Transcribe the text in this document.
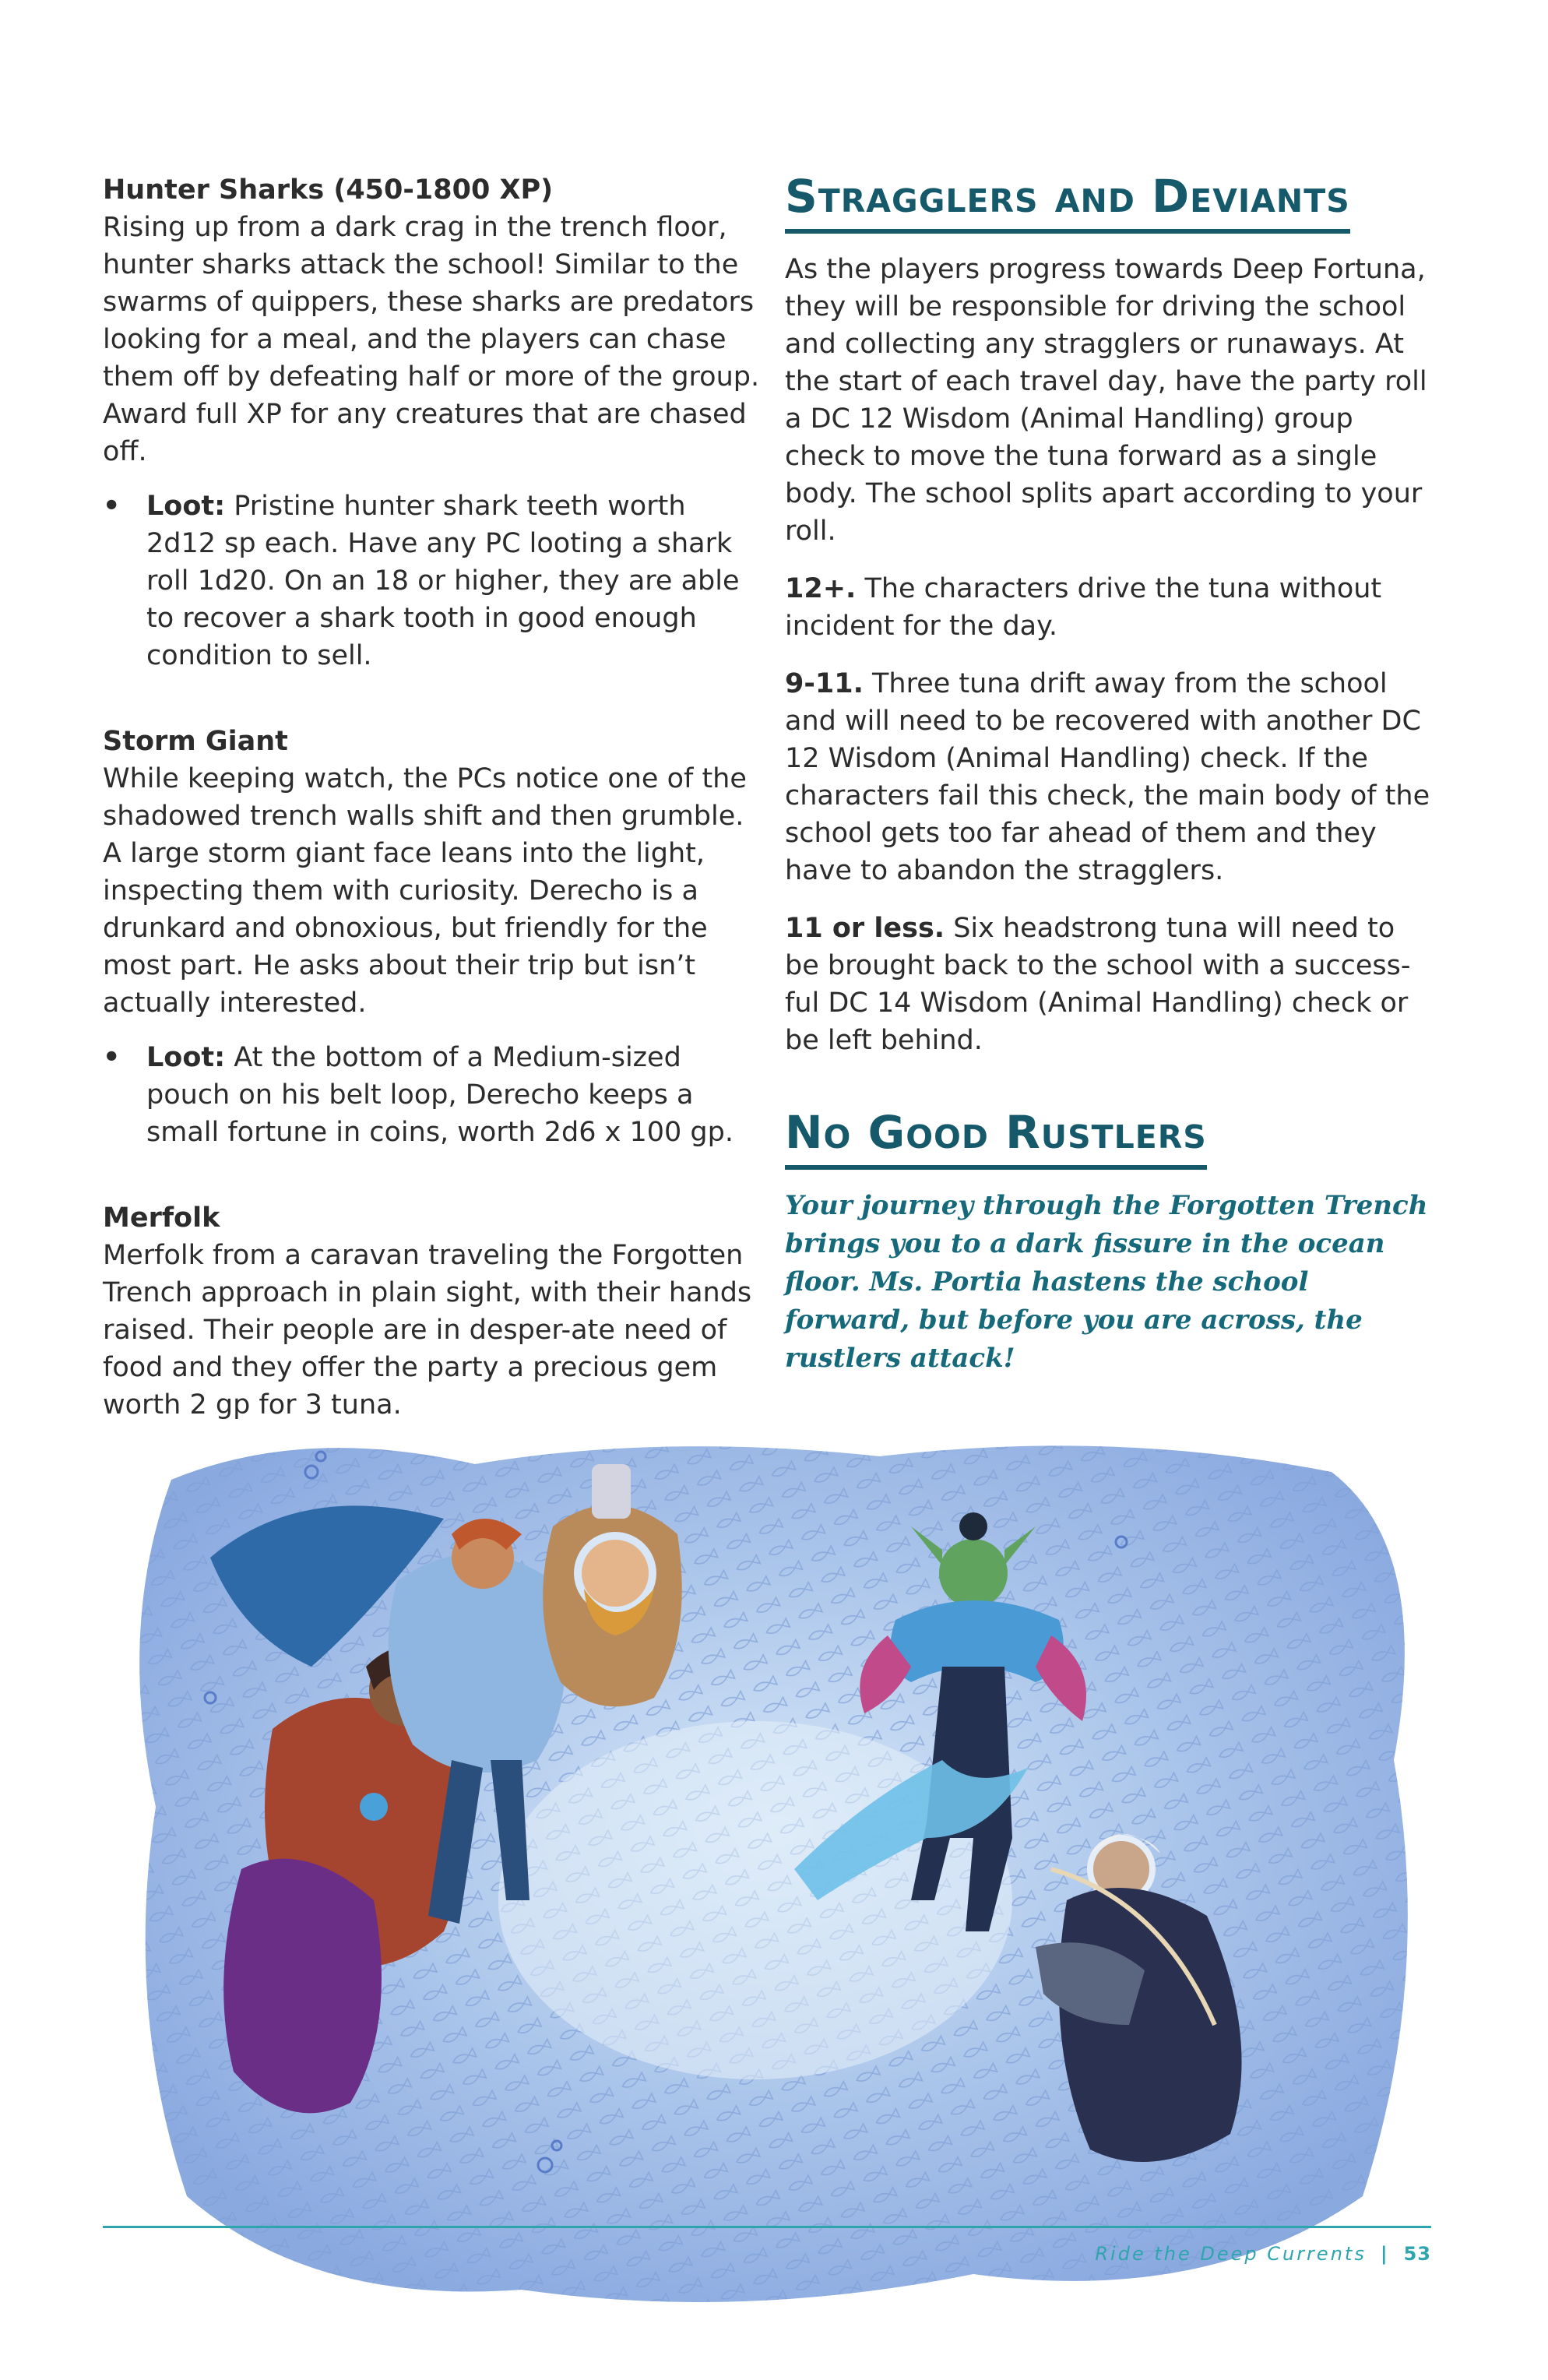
Hunter Sharks (450-1800 XP)

Rising up from a dark crag in the trench floor, hunter sharks attack the school! Similar to the swarms of quippers, these sharks are predators looking for a meal, and the players can chase them off by defeating half or more of the group. Award full XP for any creatures that are chased off.

• Loot: Pristine hunter shark teeth worth 2d12 sp each. Have any PC looting a shark roll 1d20. On an 18 or higher, they are able to recover a shark tooth in good enough condition to sell.

Storm Giant

While keeping watch, the PCs notice one of the shadowed trench walls shift and then grumble. A large storm giant face leans into the light, inspecting them with curiosity. Derecho is a drunkard and obnoxious, but friendly for the most part. He asks about their trip but isn’t actually interested.

• Loot: At the bottom of a Medium-sized pouch on his belt loop, Derecho keeps a small fortune in coins, worth 2d6 x 100 gp.

Merfolk

Merfolk from a caravan traveling the Forgotten Trench approach in plain sight, with their hands raised. Their people are in desper-ate need of food and they offer the party a precious gem worth 2 gp for 3 tuna.

Stragglers and Deviants

As the players progress towards Deep Fortuna, they will be responsible for driving the school and collecting any stragglers or runaways. At the start of each travel day, have the party roll a DC 12 Wisdom (Animal Handling) group check to move the tuna forward as a single body. The school splits apart according to your roll.

12+. The characters drive the tuna without incident for the day.

9-11. Three tuna drift away from the school and will need to be recovered with another DC 12 Wisdom (Animal Handling) check. If the characters fail this check, the main body of the school gets too far ahead of them and they have to abandon the stragglers.

11 or less. Six headstrong tuna will need to be brought back to the school with a success-ful DC 14 Wisdom (Animal Handling) check or be left behind.

No Good Rustlers

Your journey through the Forgotten Trench brings you to a dark fissure in the ocean floor. Ms. Portia hastens the school forward, but before you are across, the rustlers attack!

Ride the Deep Currents | 53
